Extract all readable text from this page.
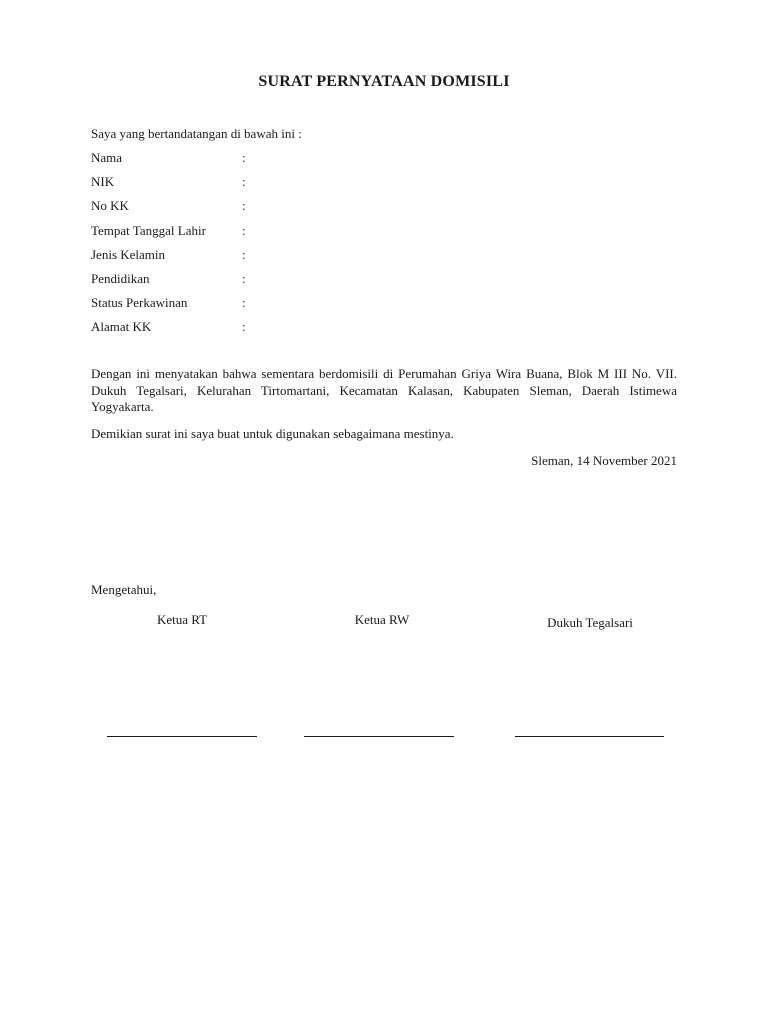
SURAT PERNYATAAN DOMISILI
Saya yang bertandatangan di bawah ini :
Nama	:
NIK	:
No KK	:
Tempat Tanggal Lahir	:
Jenis Kelamin	:
Pendidikan	:
Status Perkawinan	:
Alamat KK	:
Dengan ini menyatakan bahwa sementara berdomisili di Perumahan Griya Wira Buana, Blok M III No. VII. Dukuh Tegalsari, Kelurahan Tirtomartani, Kecamatan Kalasan, Kabupaten Sleman, Daerah Istimewa Yogyakarta.
Demikian surat ini saya buat untuk digunakan sebagaimana mestinya.
Sleman, 14 November 2021
Mengetahui,
Ketua RT	Ketua RW	Dukuh Tegalsari
